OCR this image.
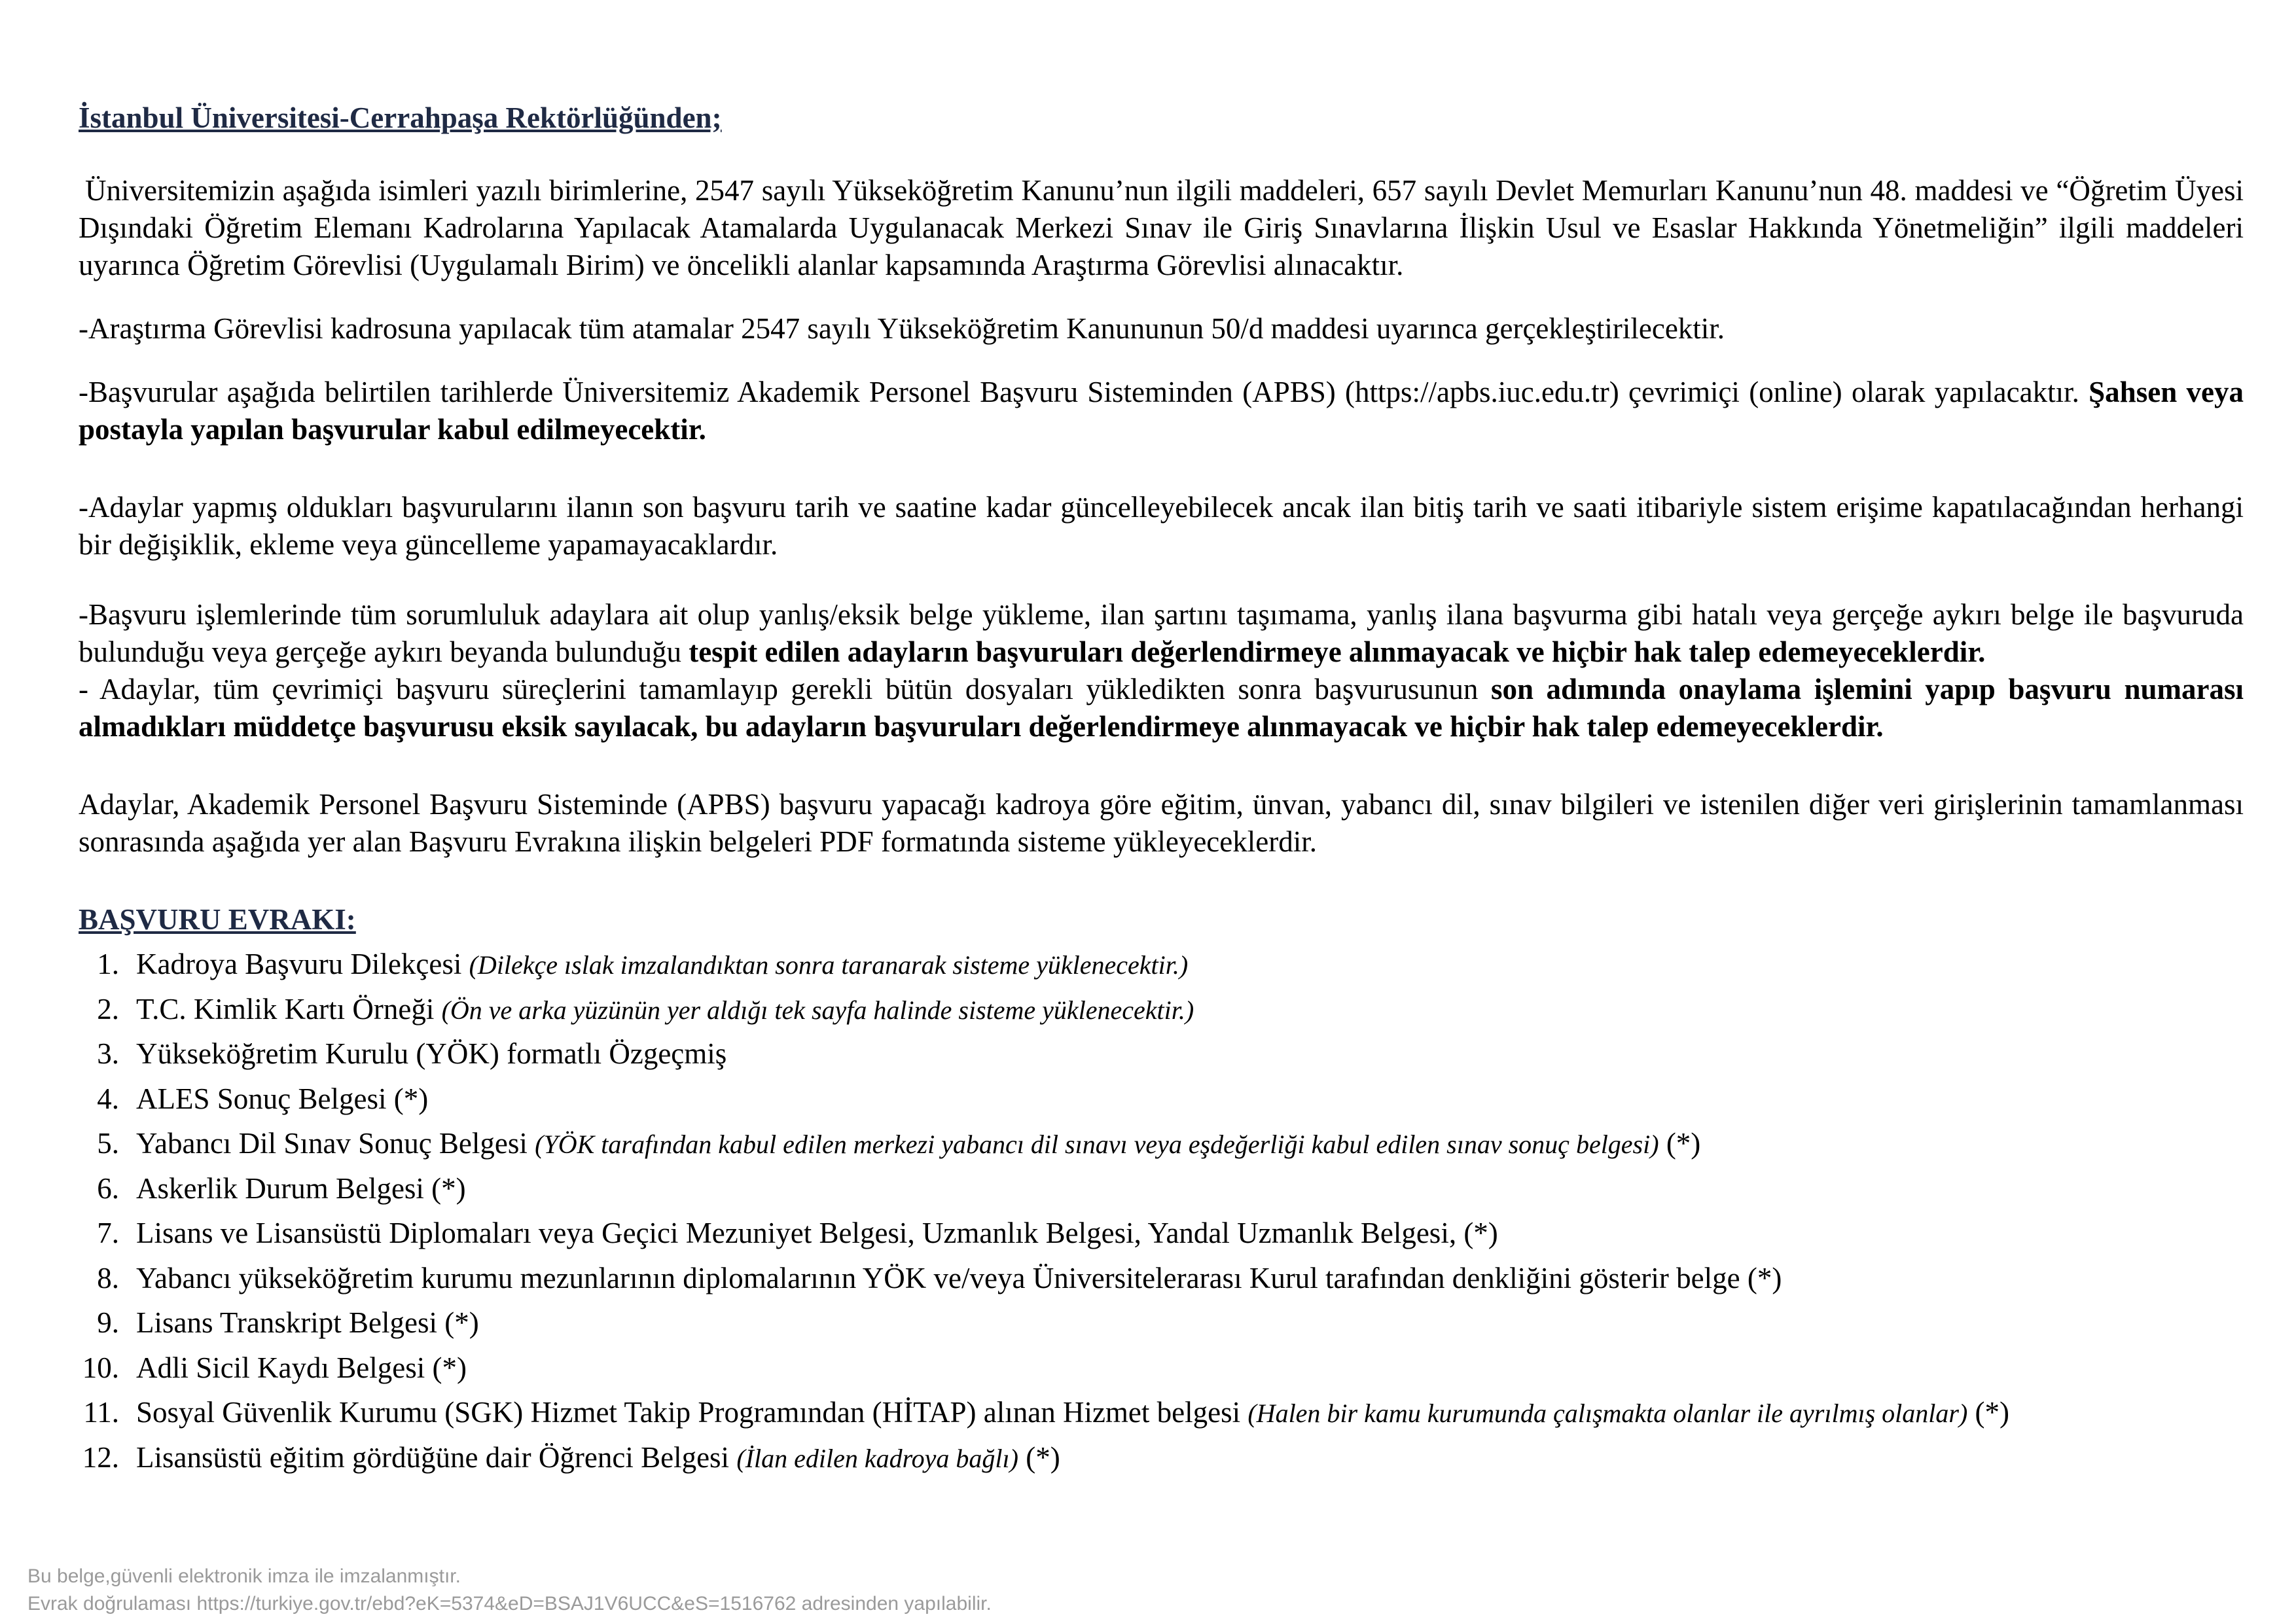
İstanbul Üniversitesi-Cerrahpaşa Rektörlüğünden;

Üniversitemizin aşağıda isimleri yazılı birimlerine, 2547 sayılı Yükseköğretim Kanunu’nun ilgili maddeleri, 657 sayılı Devlet Memurları Kanunu’nun 48. maddesi ve “Öğretim Üyesi Dışındaki Öğretim Elemanı Kadrolarına Yapılacak Atamalarda Uygulanacak Merkezi Sınav ile Giriş Sınavlarına İlişkin Usul ve Esaslar Hakkında Yönetmeliğin” ilgili maddeleri uyarınca Öğretim Görevlisi (Uygulamalı Birim) ve öncelikli alanlar kapsamında Araştırma Görevlisi alınacaktır.

-Araştırma Görevlisi kadrosuna yapılacak tüm atamalar 2547 sayılı Yükseköğretim Kanununun 50/d maddesi uyarınca gerçekleştirilecektir.

-Başvurular aşağıda belirtilen tarihlerde Üniversitemiz Akademik Personel Başvuru Sisteminden (APBS) (https://apbs.iuc.edu.tr) çevrimiçi (online) olarak yapılacaktır. Şahsen veya postayla yapılan başvurular kabul edilmeyecektir.

-Adaylar yapmış oldukları başvurularını ilanın son başvuru tarih ve saatine kadar güncelleyebilecek ancak ilan bitiş tarih ve saati itibariyle sistem erişime kapatılacağından herhangi bir değişiklik, ekleme veya güncelleme yapamayacaklardır.

-Başvuru işlemlerinde tüm sorumluluk adaylara ait olup yanlış/eksik belge yükleme, ilan şartını taşımama, yanlış ilana başvurma gibi hatalı veya gerçeğe aykırı belge ile başvuruda bulunduğu veya gerçeğe aykırı beyanda bulunduğu tespit edilen adayların başvuruları değerlendirmeye alınmayacak ve hiçbir hak talep edemeyeceklerdir.

- Adaylar, tüm çevrimiçi başvuru süreçlerini tamamlayıp gerekli bütün dosyaları yükledikten sonra başvurusunun son adımında onaylama işlemini yapıp başvuru numarası almadıkları müddetçe başvurusu eksik sayılacak, bu adayların başvuruları değerlendirmeye alınmayacak ve hiçbir hak talep edemeyeceklerdir.

Adaylar, Akademik Personel Başvuru Sisteminde (APBS) başvuru yapacağı kadroya göre eğitim, ünvan, yabancı dil, sınav bilgileri ve istenilen diğer veri girişlerinin tamamlanması sonrasında aşağıda yer alan Başvuru Evrakına ilişkin belgeleri PDF formatında sisteme yükleyeceklerdir.

BAŞVURU EVRAKI:
1. Kadroya Başvuru Dilekçesi (Dilekçe ıslak imzalandıktan sonra taranarak sisteme yüklenecektir.)
2. T.C. Kimlik Kartı Örneği (Ön ve arka yüzünün yer aldığı tek sayfa halinde sisteme yüklenecektir.)
3. Yükseköğretim Kurulu (YÖK) formatlı Özgeçmiş
4. ALES Sonuç Belgesi (*)
5. Yabancı Dil Sınav Sonuç Belgesi (YÖK tarafından kabul edilen merkezi yabancı dil sınavı veya eşdeğerliği kabul edilen sınav sonuç belgesi) (*)
6. Askerlik Durum Belgesi (*)
7. Lisans ve Lisansüstü Diplomaları veya Geçici Mezuniyet Belgesi, Uzmanlık Belgesi, Yandal Uzmanlık Belgesi, (*)
8. Yabancı yükseköğretim kurumu mezunlarının diplomalarının YÖK ve/veya Üniversitelerarası Kurul tarafından denkliğini gösterir belge (*)
9. Lisans Transkript Belgesi (*)
10. Adli Sicil Kaydı Belgesi (*)
11. Sosyal Güvenlik Kurumu (SGK) Hizmet Takip Programından (HİTAP) alınan Hizmet belgesi (Halen bir kamu kurumunda çalışmakta olanlar ile ayrılmış olanlar) (*)
12. Lisansüstü eğitim gördüğüne dair Öğrenci Belgesi (İlan edilen kadroya bağlı) (*)
Bu belge,güvenli elektronik imza ile imzalanmıştır.
Evrak doğrulaması https://turkiye.gov.tr/ebd?eK=5374&eD=BSAJ1V6UCC&eS=1516762 adresinden yapılabilir.
